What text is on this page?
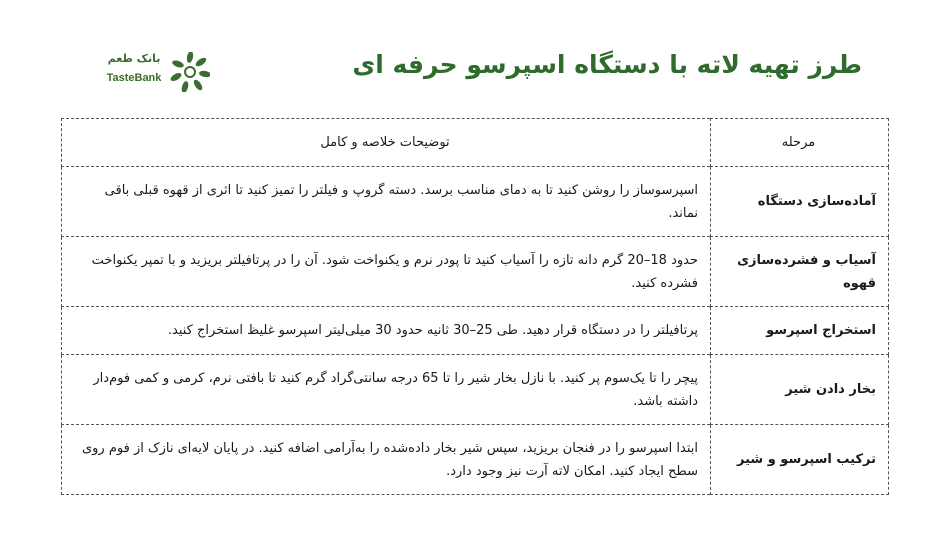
طرز تهیه لاته با دستگاه اسپرسو حرفه ای
بانک طعم
TasteBank
مرحله	توضیحات خلاصه و کامل
آماده‌سازی دستگاه	اسپرسوساز را روشن کنید تا به دمای مناسب برسد. دسته گروپ و فیلتر را تمیز کنید تا اثری از قهوه قبلی باقی نماند.
آسیاب و فشرده‌سازی قهوه	حدود 18–20 گرم دانه تازه را آسیاب کنید تا پودر نرم و یکنواخت شود. آن را در پرتافیلتر بریزید و با تمپر یکنواخت فشرده کنید.
استخراج اسپرسو	پرتافیلتر را در دستگاه قرار دهید. طی 25–30 ثانیه حدود 30 میلی‌لیتر اسپرسو غلیظ استخراج کنید.
بخار دادن شیر	پیچر را تا یک‌سوم پر کنید. با نازل بخار شیر را تا 65 درجه سانتی‌گراد گرم کنید تا بافتی نرم، کرمی و کمی فوم‌دار داشته باشد.
ترکیب اسپرسو و شیر	ابتدا اسپرسو را در فنجان بریزید، سپس شیر بخار داده‌شده را به‌آرامی اضافه کنید. در پایان لایه‌ای نازک از فوم روی سطح ایجاد کنید. امکان لاته آرت نیز وجود دارد.
